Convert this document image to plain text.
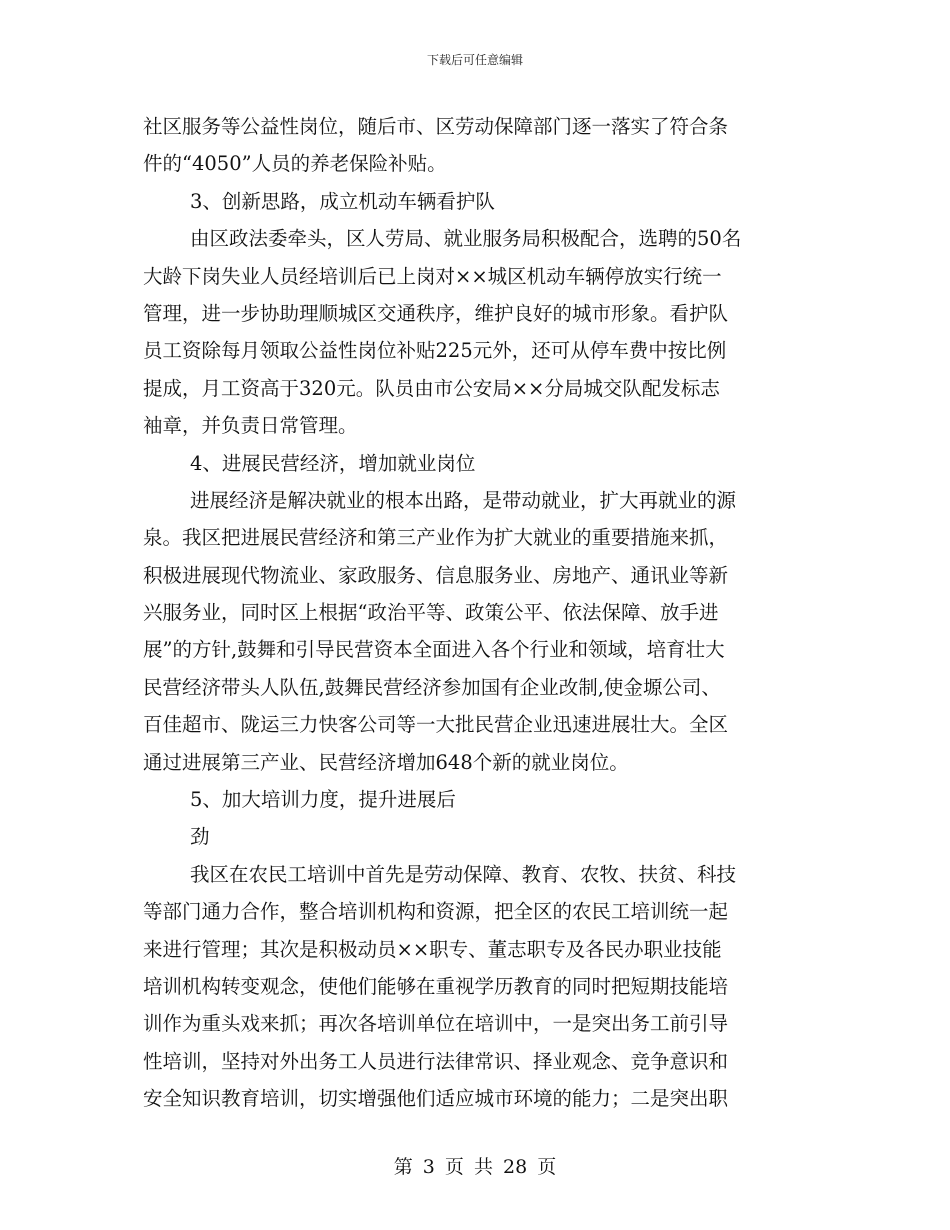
下载后可任意编辑
社区服务等公益性岗位，随后市、区劳动保障部门逐一落实了符合条
件的“4050”人员的养老保险补贴。
3、创新思路，成立机动车辆看护队
由区政法委牵头，区人劳局、就业服务局积极配合，选聘的50名
大龄下岗失业人员经培训后已上岗对××城区机动车辆停放实行统一
管理，进一步协助理顺城区交通秩序，维护良好的城市形象。看护队
员工资除每月领取公益性岗位补贴225元外，还可从停车费中按比例
提成，月工资高于320元。队员由市公安局××分局城交队配发标志
袖章，并负责日常管理。
4、进展民营经济，增加就业岗位
进展经济是解决就业的根本出路，是带动就业，扩大再就业的源
泉。我区把进展民营经济和第三产业作为扩大就业的重要措施来抓，
积极进展现代物流业、家政服务、信息服务业、房地产、通讯业等新
兴服务业，同时区上根据“政治平等、政策公平、依法保障、放手进
展”的方针,鼓舞和引导民营资本全面进入各个行业和领域，培育壮大
民营经济带头人队伍,鼓舞民营经济参加国有企业改制,使金塬公司、
百佳超市、陇运三力快客公司等一大批民营企业迅速进展壮大。全区
通过进展第三产业、民营经济增加648个新的就业岗位。
5、加大培训力度，提升进展后
劲
我区在农民工培训中首先是劳动保障、教育、农牧、扶贫、科技
等部门通力合作，整合培训机构和资源，把全区的农民工培训统一起
来进行管理；其次是积极动员××职专、董志职专及各民办职业技能
培训机构转变观念，使他们能够在重视学历教育的同时把短期技能培
训作为重头戏来抓；再次各培训单位在培训中，一是突出务工前引导
性培训，坚持对外出务工人员进行法律常识、择业观念、竞争意识和
安全知识教育培训，切实增强他们适应城市环境的能力；二是突出职
第 3 页 共 28 页
